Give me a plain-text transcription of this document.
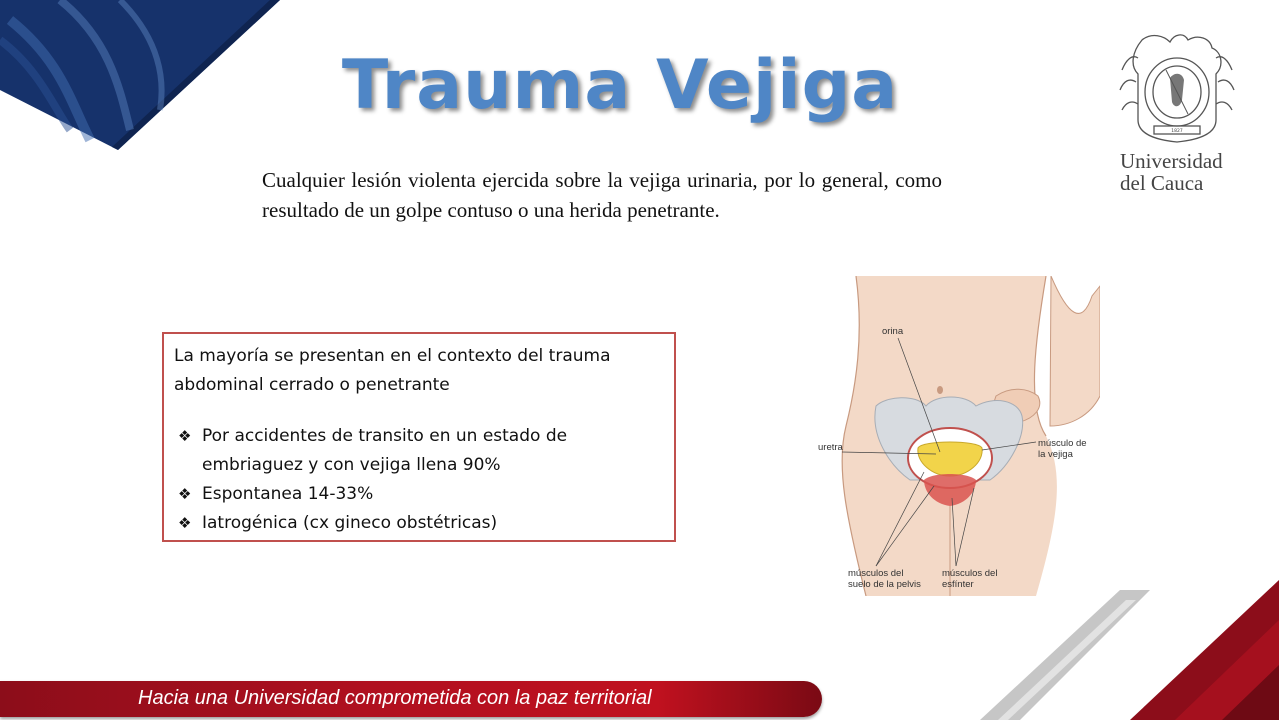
Trauma Vejiga
1827
Universidad
del Cauca
Cualquier lesión violenta ejercida sobre la vejiga urinaria, por lo general, como resultado de un golpe contuso o una herida penetrante.
La mayoría se presentan en el contexto del trauma abdominal cerrado o penetrante
❖ Por accidentes de transito en un estado de embriaguez y con vejiga llena 90%
❖ Espontanea 14-33%
❖ Iatrogénica (cx gineco obstétricas)
orina
uretra	músculo de
la vejiga
músculos del
suelo de la pelvis
músculos del
esfínter
Hacia una Universidad comprometida con la paz territorial
